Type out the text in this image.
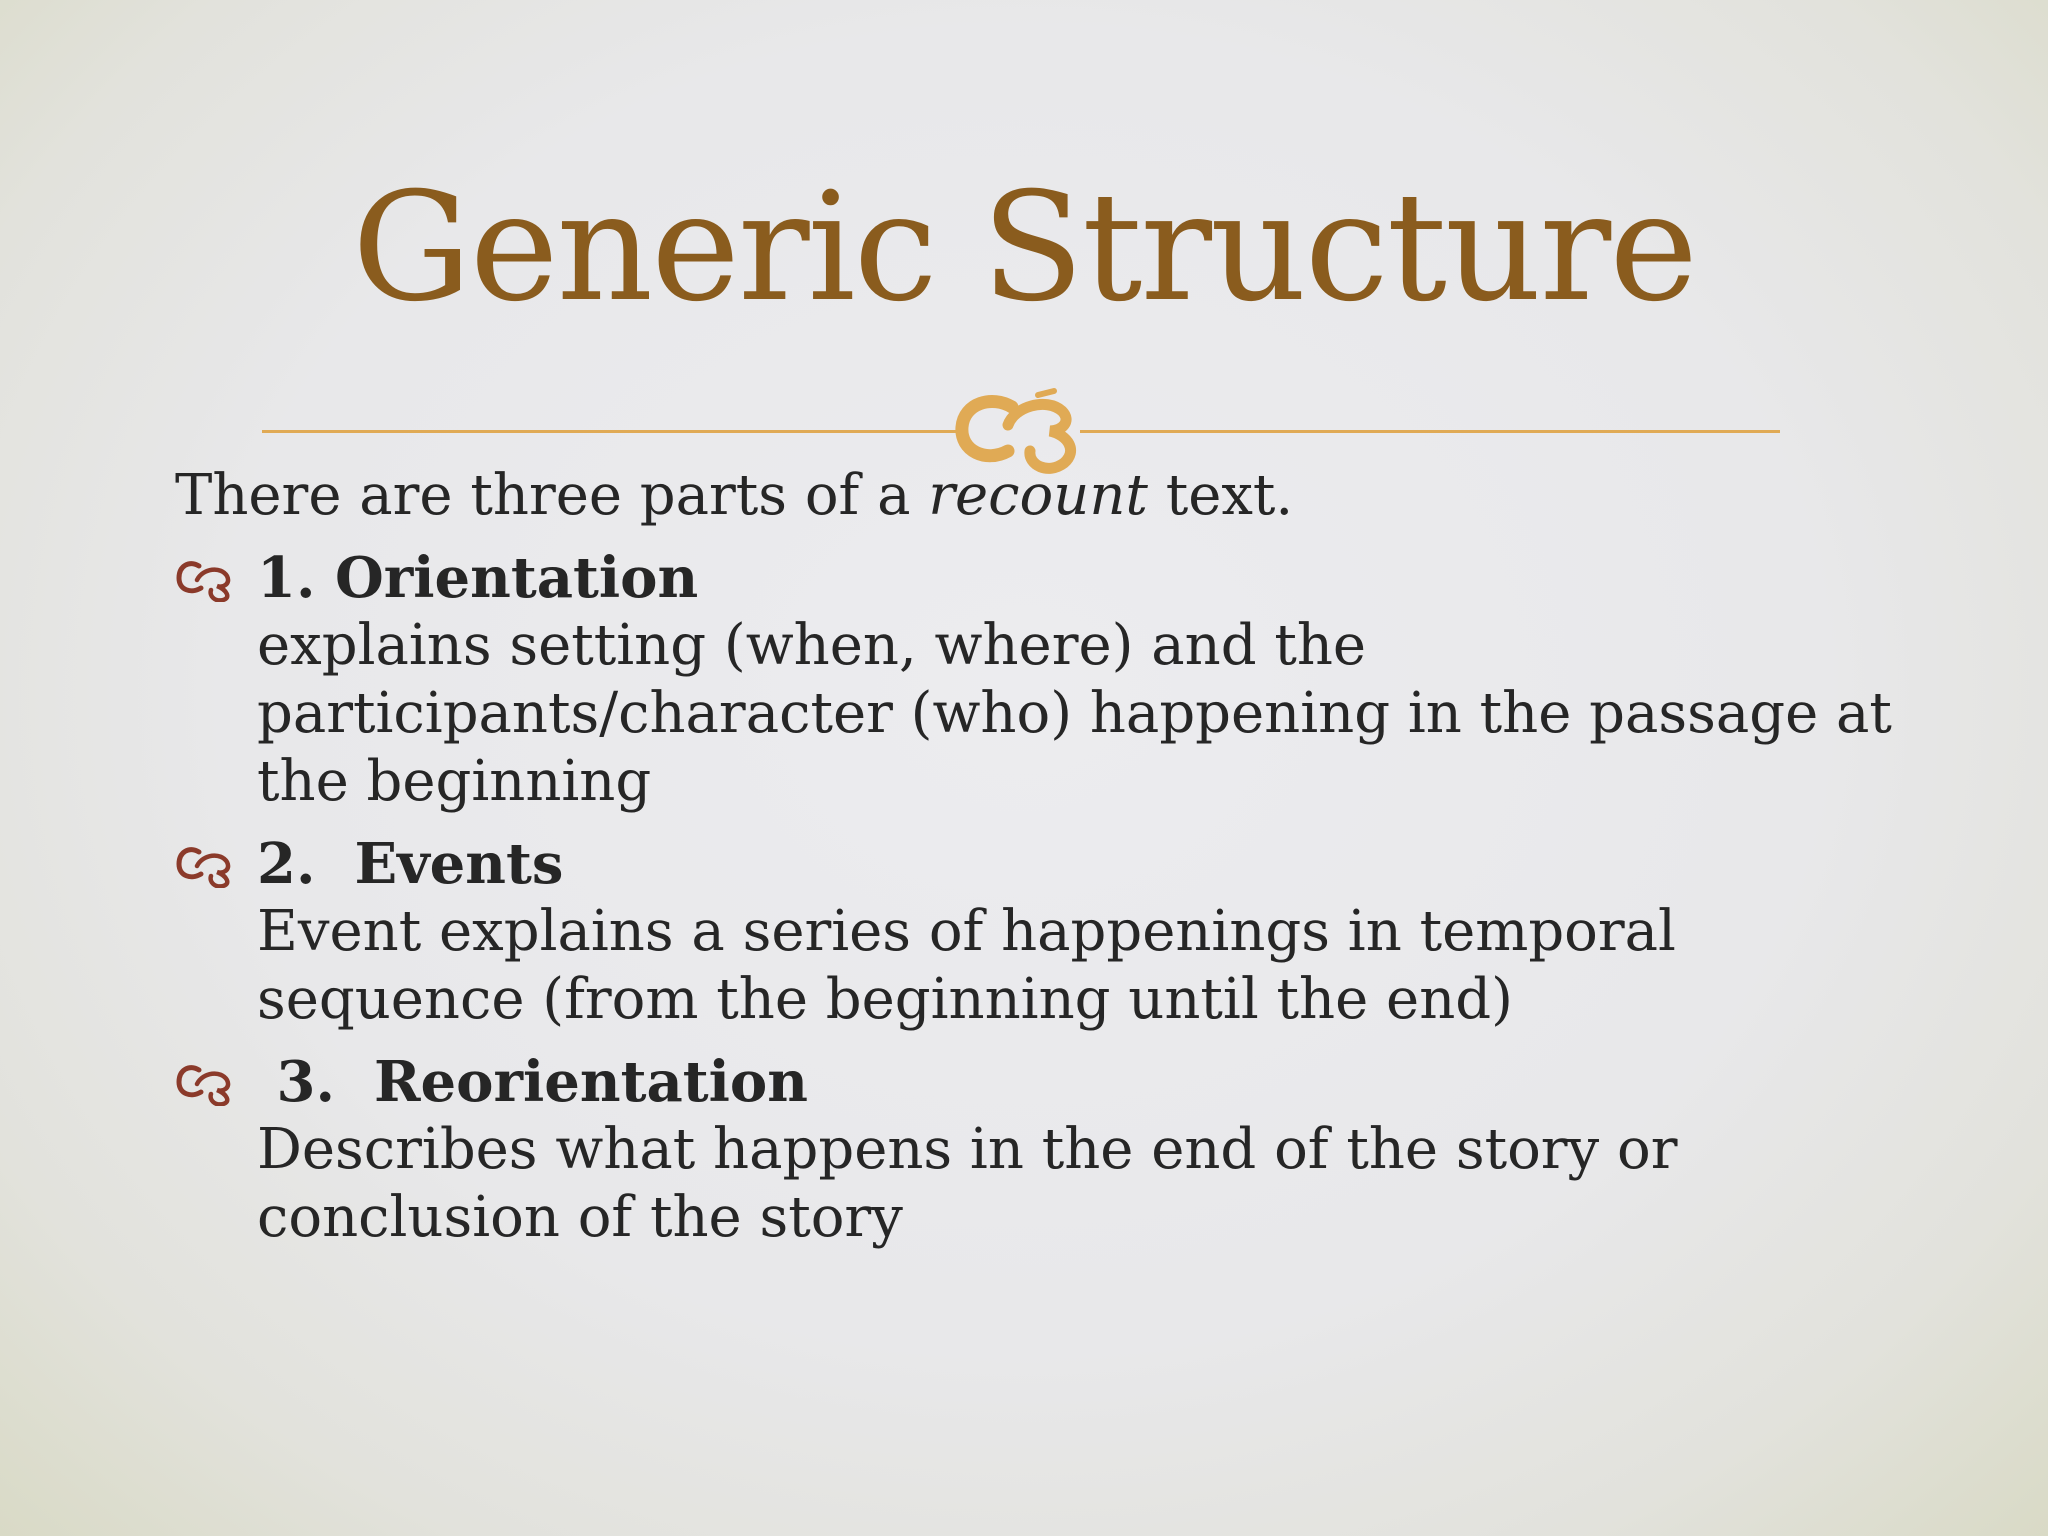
Generic Structure

There are three parts of a recount text.

1. Orientation

explains setting (when, where) and the
participants/character (who) happening in the passage at
the beginning

2.  Events

Event explains a series of happenings in temporal
sequence (from the beginning until the end)

3.  Reorientation

Describes what happens in the end of the story or
conclusion of the story
